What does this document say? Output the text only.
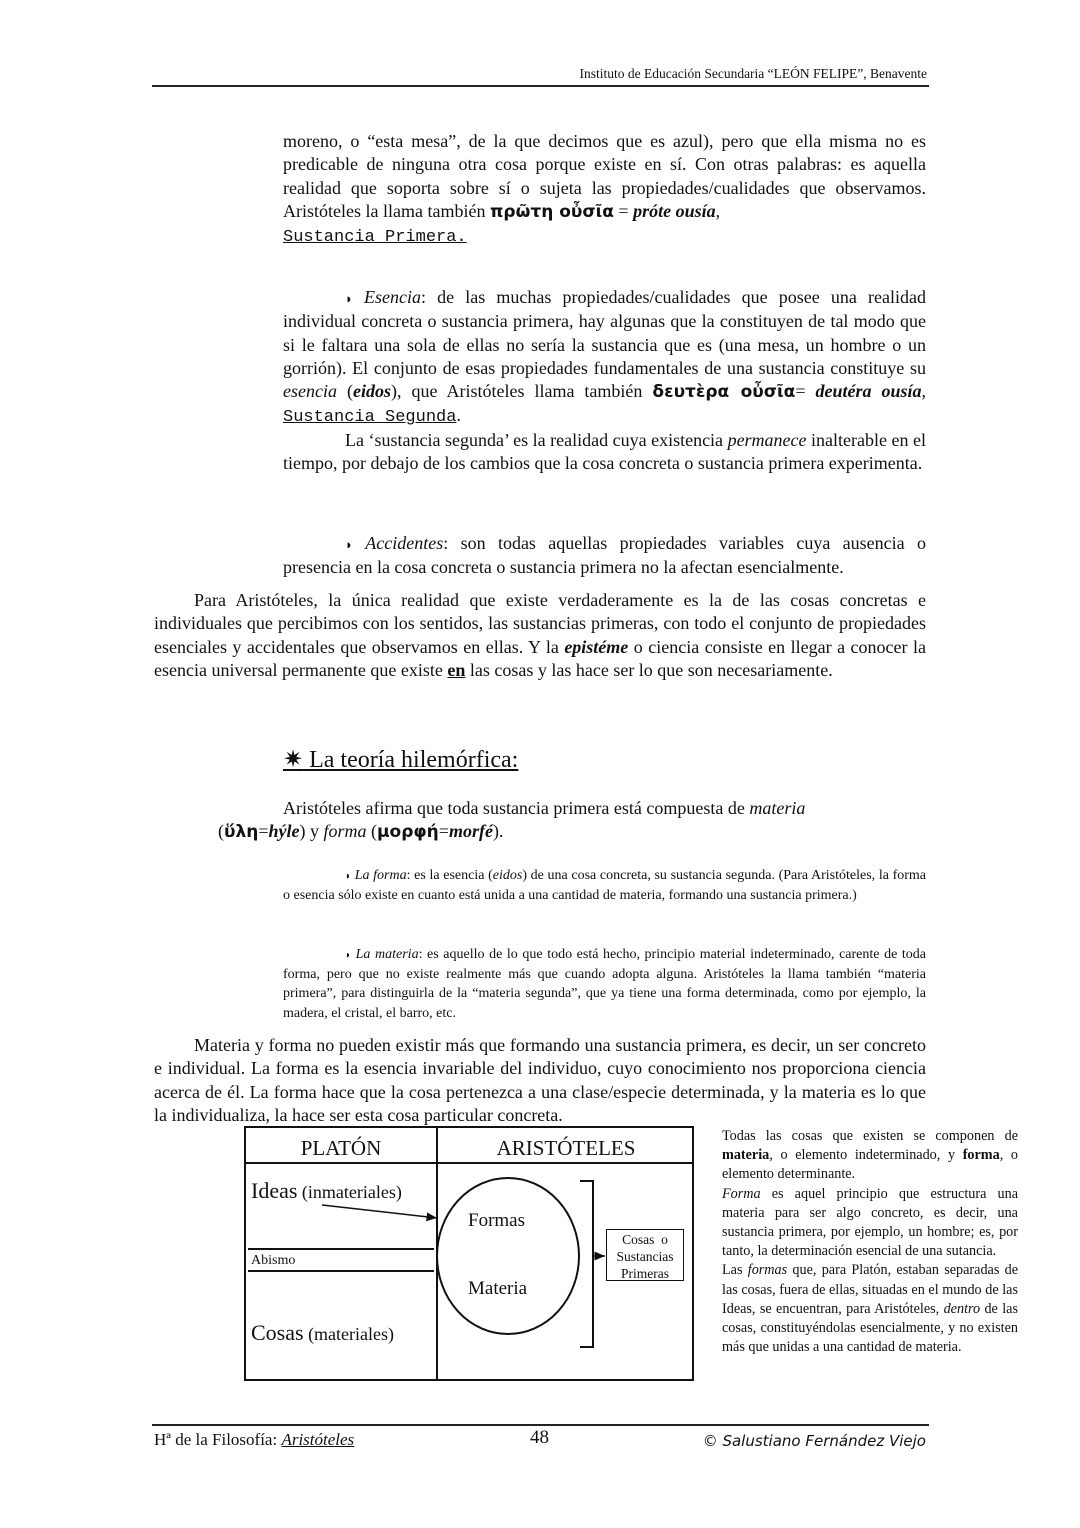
Instituto de Educación Secundaria “LEÓN FELIPE”, Benavente
moreno, o “esta mesa”, de la que decimos que es azul), pero que ella misma no es predicable de ninguna otra cosa porque existe en sí. Con otras palabras: es aquella realidad que soporta sobre sí o sujeta las propiedades/cualidades que observamos. Aristóteles la llama también πρῶτη οὖσῖα = próte ousía,
Sustancia Primera.
◗ Esencia: de las muchas propiedades/cualidades que posee una realidad individual concreta o sustancia primera, hay algunas que la constituyen de tal modo que si le faltara una sola de ellas no sería la sustancia que es (una mesa, un hombre o un gorrión). El conjunto de esas propiedades fundamentales de una sustancia constituye su esencia (eidos), que Aristóteles llama también δευτὲρα οὖσῖα= deutéra ousía, Sustancia Segunda.
La ‘sustancia segunda’ es la realidad cuya existencia permanece inalterable en el tiempo, por debajo de los cambios que la cosa concreta o sustancia primera experimenta.
◗ Accidentes: son todas aquellas propiedades variables cuya ausencia o presencia en la cosa concreta o sustancia primera no la afectan esencialmente.
Para Aristóteles, la única realidad que existe verdaderamente es la de las cosas concretas e individuales que percibimos con los sentidos, las sustancias primeras, con todo el conjunto de propiedades esenciales y accidentales que observamos en ellas. Y la epistéme o ciencia consiste en llegar a conocer la esencia universal permanente que existe en las cosas y las hace ser lo que son necesariamente.
✷ La teoría hilemórfica:
Aristóteles afirma que toda sustancia primera está compuesta de materia
(ὕλη=hýle) y forma (μορφή=morfé).
◗ La forma: es la esencia (eidos) de una cosa concreta, su sustancia segunda. (Para Aristóteles, la forma o esencia sólo existe en cuanto está unida a una cantidad de materia, formando una sustancia primera.)
◗ La materia: es aquello de lo que todo está hecho, principio material indeterminado, carente de toda forma, pero que no existe realmente más que cuando adopta alguna. Aristóteles la llama también “materia primera”, para distinguirla de la “materia segunda”, que ya tiene una forma determinada, como por ejemplo, la madera, el cristal, el barro, etc.
Materia y forma no pueden existir más que formando una sustancia primera, es decir, un ser concreto e individual. La forma es la esencia invariable del individuo, cuyo conocimiento nos proporciona ciencia acerca de él. La forma hace que la cosa pertenezca a una clase/especie determinada, y la materia es lo que la individualiza, la hace ser esta cosa particular concreta.
PLATÓN	ARISTÓTELES
Ideas (inmateriales)
Abismo
Cosas (materiales)
Formas
Materia
Cosas  o
Sustancias
Primeras
Todas las cosas que existen se componen de materia, o elemento indeterminado, y forma, o elemento determinante.
Forma es aquel principio que estructura una materia para ser algo concreto, es decir, una sustancia primera, por ejemplo, un hombre; es, por tanto, la determinación esencial de una sutancia.
Las formas que, para Platón, estaban separadas de las cosas, fuera de ellas, situadas en el mundo de las Ideas, se encuentran, para Aristóteles, dentro de las cosas, constituyéndolas esencialmente, y no existen más que unidas a una cantidad de materia.
Hª de la Filosofía: Aristóteles	48	© Salustiano Fernández Viejo
